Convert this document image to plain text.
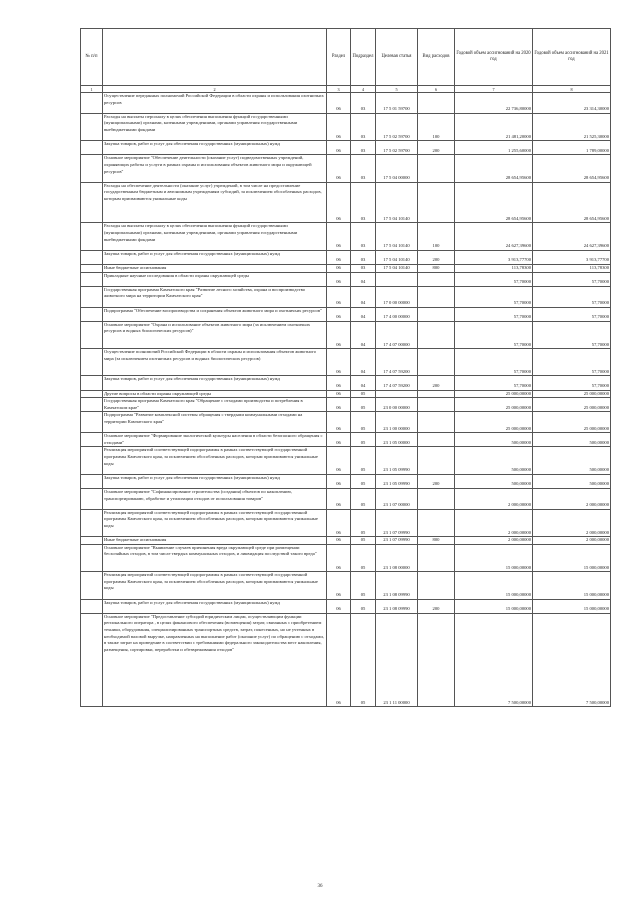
№ п/п		Раздел	Подраздел	Целевая статья	Вид расходов	Годовой объем ассигнований на 2020 год	Годовой объем ассигнований на 2021 год
1	2	3	4	5	6	7	8
	Осуществление переданных полномочий Российской Федерации в области охраны и использования охотничьих ресурсов	06	03	17 5 01 59700		22 736,80000	23 314,30000
	Расходы на выплаты персоналу в целях обеспечения выполнения функций государственными (муниципальными) органами, казенными учреждениями, органами управления государственными внебюджетными фондами	06	03	17 5 02 59700	100	21 481,20000	21 525,30000
	Закупка товаров, работ и услуг для обеспечения государственных (муниципальных) нужд	06	03	17 5 02 59700	200	1 255,60000	1 789,00000
	Основное мероприятие "Обеспечение деятельности (оказание услуг) подведомственных учреждений, охраняющих работы и услуги в рамках охраны и использования объектов животного мира и окружающей ресурсов"	06	03	17 5 04 00000		28 654,95600	28 654,95600
	Расходы на обеспечение деятельности (оказание услуг) учреждений, в том числе на предоставление государственным бюджетным и автономным учреждениям субсидий, за исключением обособленных расходов, которым присваиваются уникальные коды	06	03	17 5 04 10140		28 654,95600	28 654,95600
	Расходы на выплаты персоналу в целях обеспечения выполнения функций государственными (муниципальными) органами, казенными учреждениями, органами управления государственными внебюджетными фондами	06	03	17 5 04 10140	100	24 627,39600	24 627,39600
	Закупка товаров, работ и услуг для обеспечения государственных (муниципальных) нужд	06	03	17 5 04 10140	200	3 913,77700	3 913,77700
	Иные бюджетные ассигнования	06	03	17 5 04 10140	800	113,78300	113,78300
	Прикладные научные исследования в области охраны окружающей среды	06	04			57,70000	57,70000
	Государственная программа Камчатского края "Развитие лесного хозяйства, охрана и воспроизводство животного мира на территории Камчатского края"	06	04	17 0 00 00000		57,70000	57,70000
	Подпрограмма "Обеспечение воспроизводства и сохранения объектов животного мира и охотничьих ресурсов"	06	04	17 4 00 00000		57,70000	57,70000
	Основное мероприятие "Охрана и использование объектов животного мира (за исключением охотничьих ресурсов и водных биологических ресурсов)"	06	04	17 4 07 00000		57,70000	57,70000
	Осуществление полномочий Российской Федерации в области охраны и использования объектов животного мира (за исключением охотничьих ресурсов и водных биологических ресурсов)	06	04	17 4 07 59200		57,70000	57,70000
	Закупка товаров, работ и услуг для обеспечения государственных (муниципальных) нужд	06	04	17 4 07 59200	200	57,70000	57,70000
	Другие вопросы в области охраны окружающей среды	06	05			25 000,00000	25 000,00000
	Государственная программа Камчатского края "Обращение с отходами производства и потребления в Камчатском крае"	06	05	23 0 00 00000		25 000,00000	25 000,00000
	Подпрограмма "Развитие комплексной системы обращения с твердыми коммунальными отходами на территории Камчатского края"	06	05	23 1 00 00000		25 000,00000	25 000,00000
	Основное мероприятие "Формирование экологической культуры населения в области безопасного обращения с отходами"	06	05	23 1 05 00000		500,00000	500,00000
	Реализация мероприятий соответствующей подпрограммы в рамках соответствующей государственной программы Камчатского края, за исключением обособленных расходов, которым присваиваются уникальные коды	06	05	23 1 05 09990		500,00000	500,00000
	Закупка товаров, работ и услуг для обеспечения государственных (муниципальных) нужд	06	05	23 1 05 09990	200	500,00000	500,00000
	Основное мероприятие "Софинансирование строительства (создания) объектов по накоплению, транспортированию, обработке и утилизации отходов от использования товаров"	06	05	23 1 07 00000		2 000,00000	2 000,00000
	Реализация мероприятий соответствующей подпрограммы в рамках соответствующей государственной программы Камчатского края, за исключением обособленных расходов, которым присваиваются уникальные коды	06	05	23 1 07 09990		2 000,00000	2 000,00000
	Иные бюджетные ассигнования	06	05	23 1 07 09990	800	2 000,00000	2 000,00000
	Основное мероприятие "Выявление случаев причинения вреда окружающей среде при размещении бесхозяйных отходов, в том числе твердых коммунальных отходов, и ликвидация последствий такого вреда"	06	05	23 1 08 00000		15 000,00000	15 000,00000
	Реализация мероприятий соответствующей подпрограммы в рамках соответствующей государственной программы Камчатского края, за исключением обособленных расходов, которым присваиваются уникальные коды	06	05	23 1 08 09990		15 000,00000	15 000,00000
	Закупка товаров, работ и услуг для обеспечения государственных (муниципальных) нужд	06	05	23 1 08 09990	200	15 000,00000	15 000,00000
	Основное мероприятие "Предоставление субсидий юридическим лицам, осуществляющим функции регионального оператора , в целях финансового обеспечения (возмещения) затрат, связанных с приобретением техники, оборудования, специализированных транспортных средств, затрат, понесенных, но не учтенных в необходимой валовой выручке, направленных на выполнение работ (оказание услуг) по обращению с отходами, в также затрат на проведение в соответствии с требованиями федерального законодательства мест накопления, размещения, сортировки, переработки и обезвреживания отходов"	06	05	23 1 11 00000		7 500,00000	7 500,00000
36
